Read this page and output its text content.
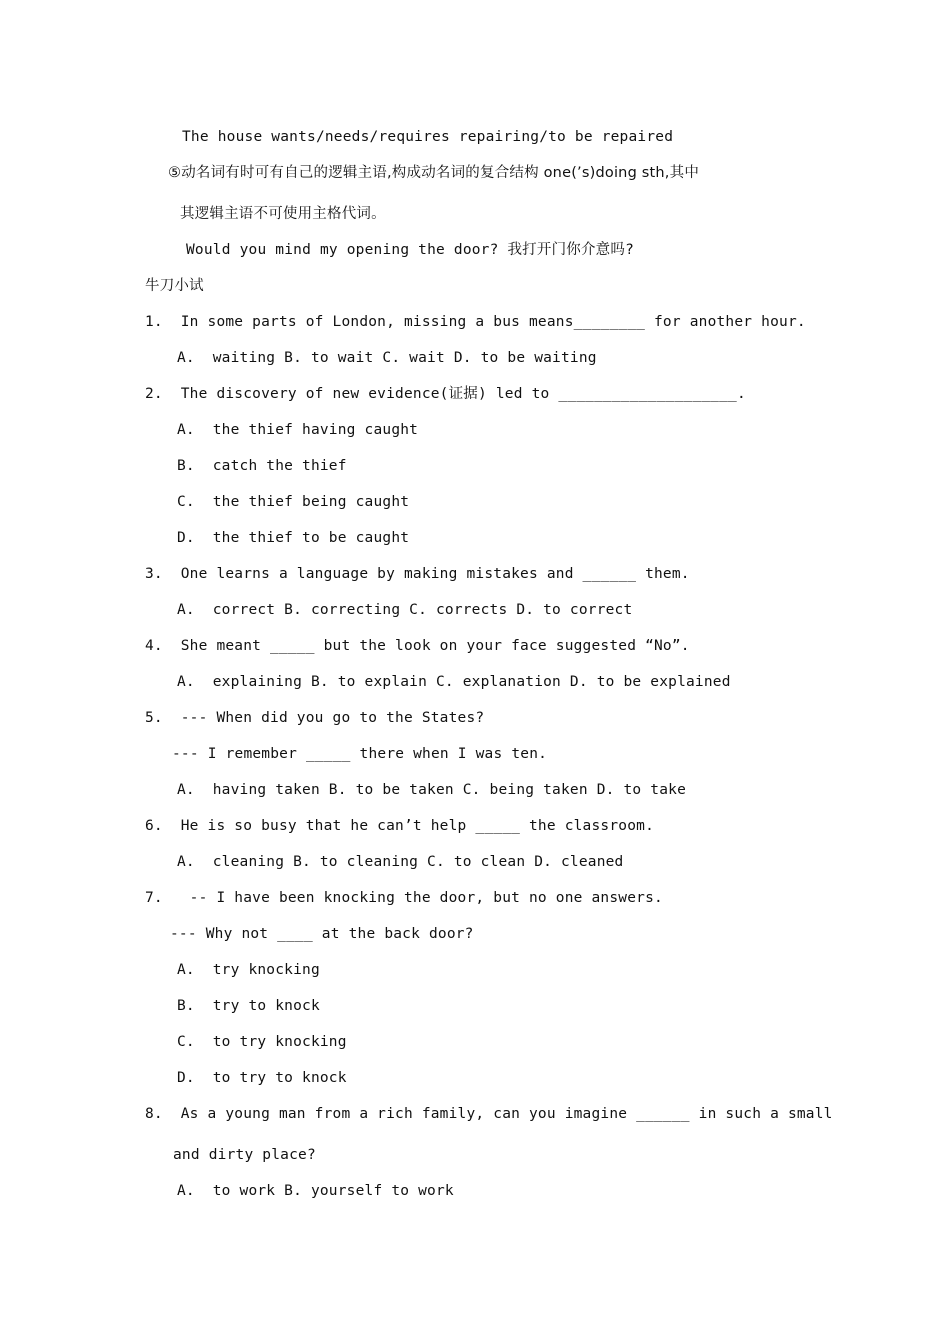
The house wants/needs/requires repairing/to be repaired
⑤动名词有时可有自己的逻辑主语,构成动名词的复合结构 one(’s)doing sth,其中
其逻辑主语不可使用主格代词。
Would you mind my opening the door? 我打开门你介意吗?
牛刀小试
1.  In some parts of London, missing a bus means________ for another hour.
A.  waiting B. to wait C. wait D. to be waiting
2.  The discovery of new evidence(证据) led to ____________________.
A.  the thief having caught
B.  catch the thief
C.  the thief being caught
D.  the thief to be caught
3.  One learns a language by making mistakes and ______ them.
A.  correct B. correcting C. corrects D. to correct
4.  She meant _____ but the look on your face suggested “No”.
A.  explaining B. to explain C. explanation D. to be explained
5.  --- When did you go to the States?
--- I remember _____ there when I was ten.
A.  having taken B. to be taken C. being taken D. to take
6.  He is so busy that he can’t help _____ the classroom.
A.  cleaning B. to cleaning C. to clean D. cleaned
7.   -- I have been knocking the door, but no one answers.
--- Why not ____ at the back door?
A.  try knocking
B.  try to knock
C.  to try knocking
D.  to try to knock
8.  As a young man from a rich family, can you imagine ______ in such a small
and dirty place?
A.  to work B. yourself to work
